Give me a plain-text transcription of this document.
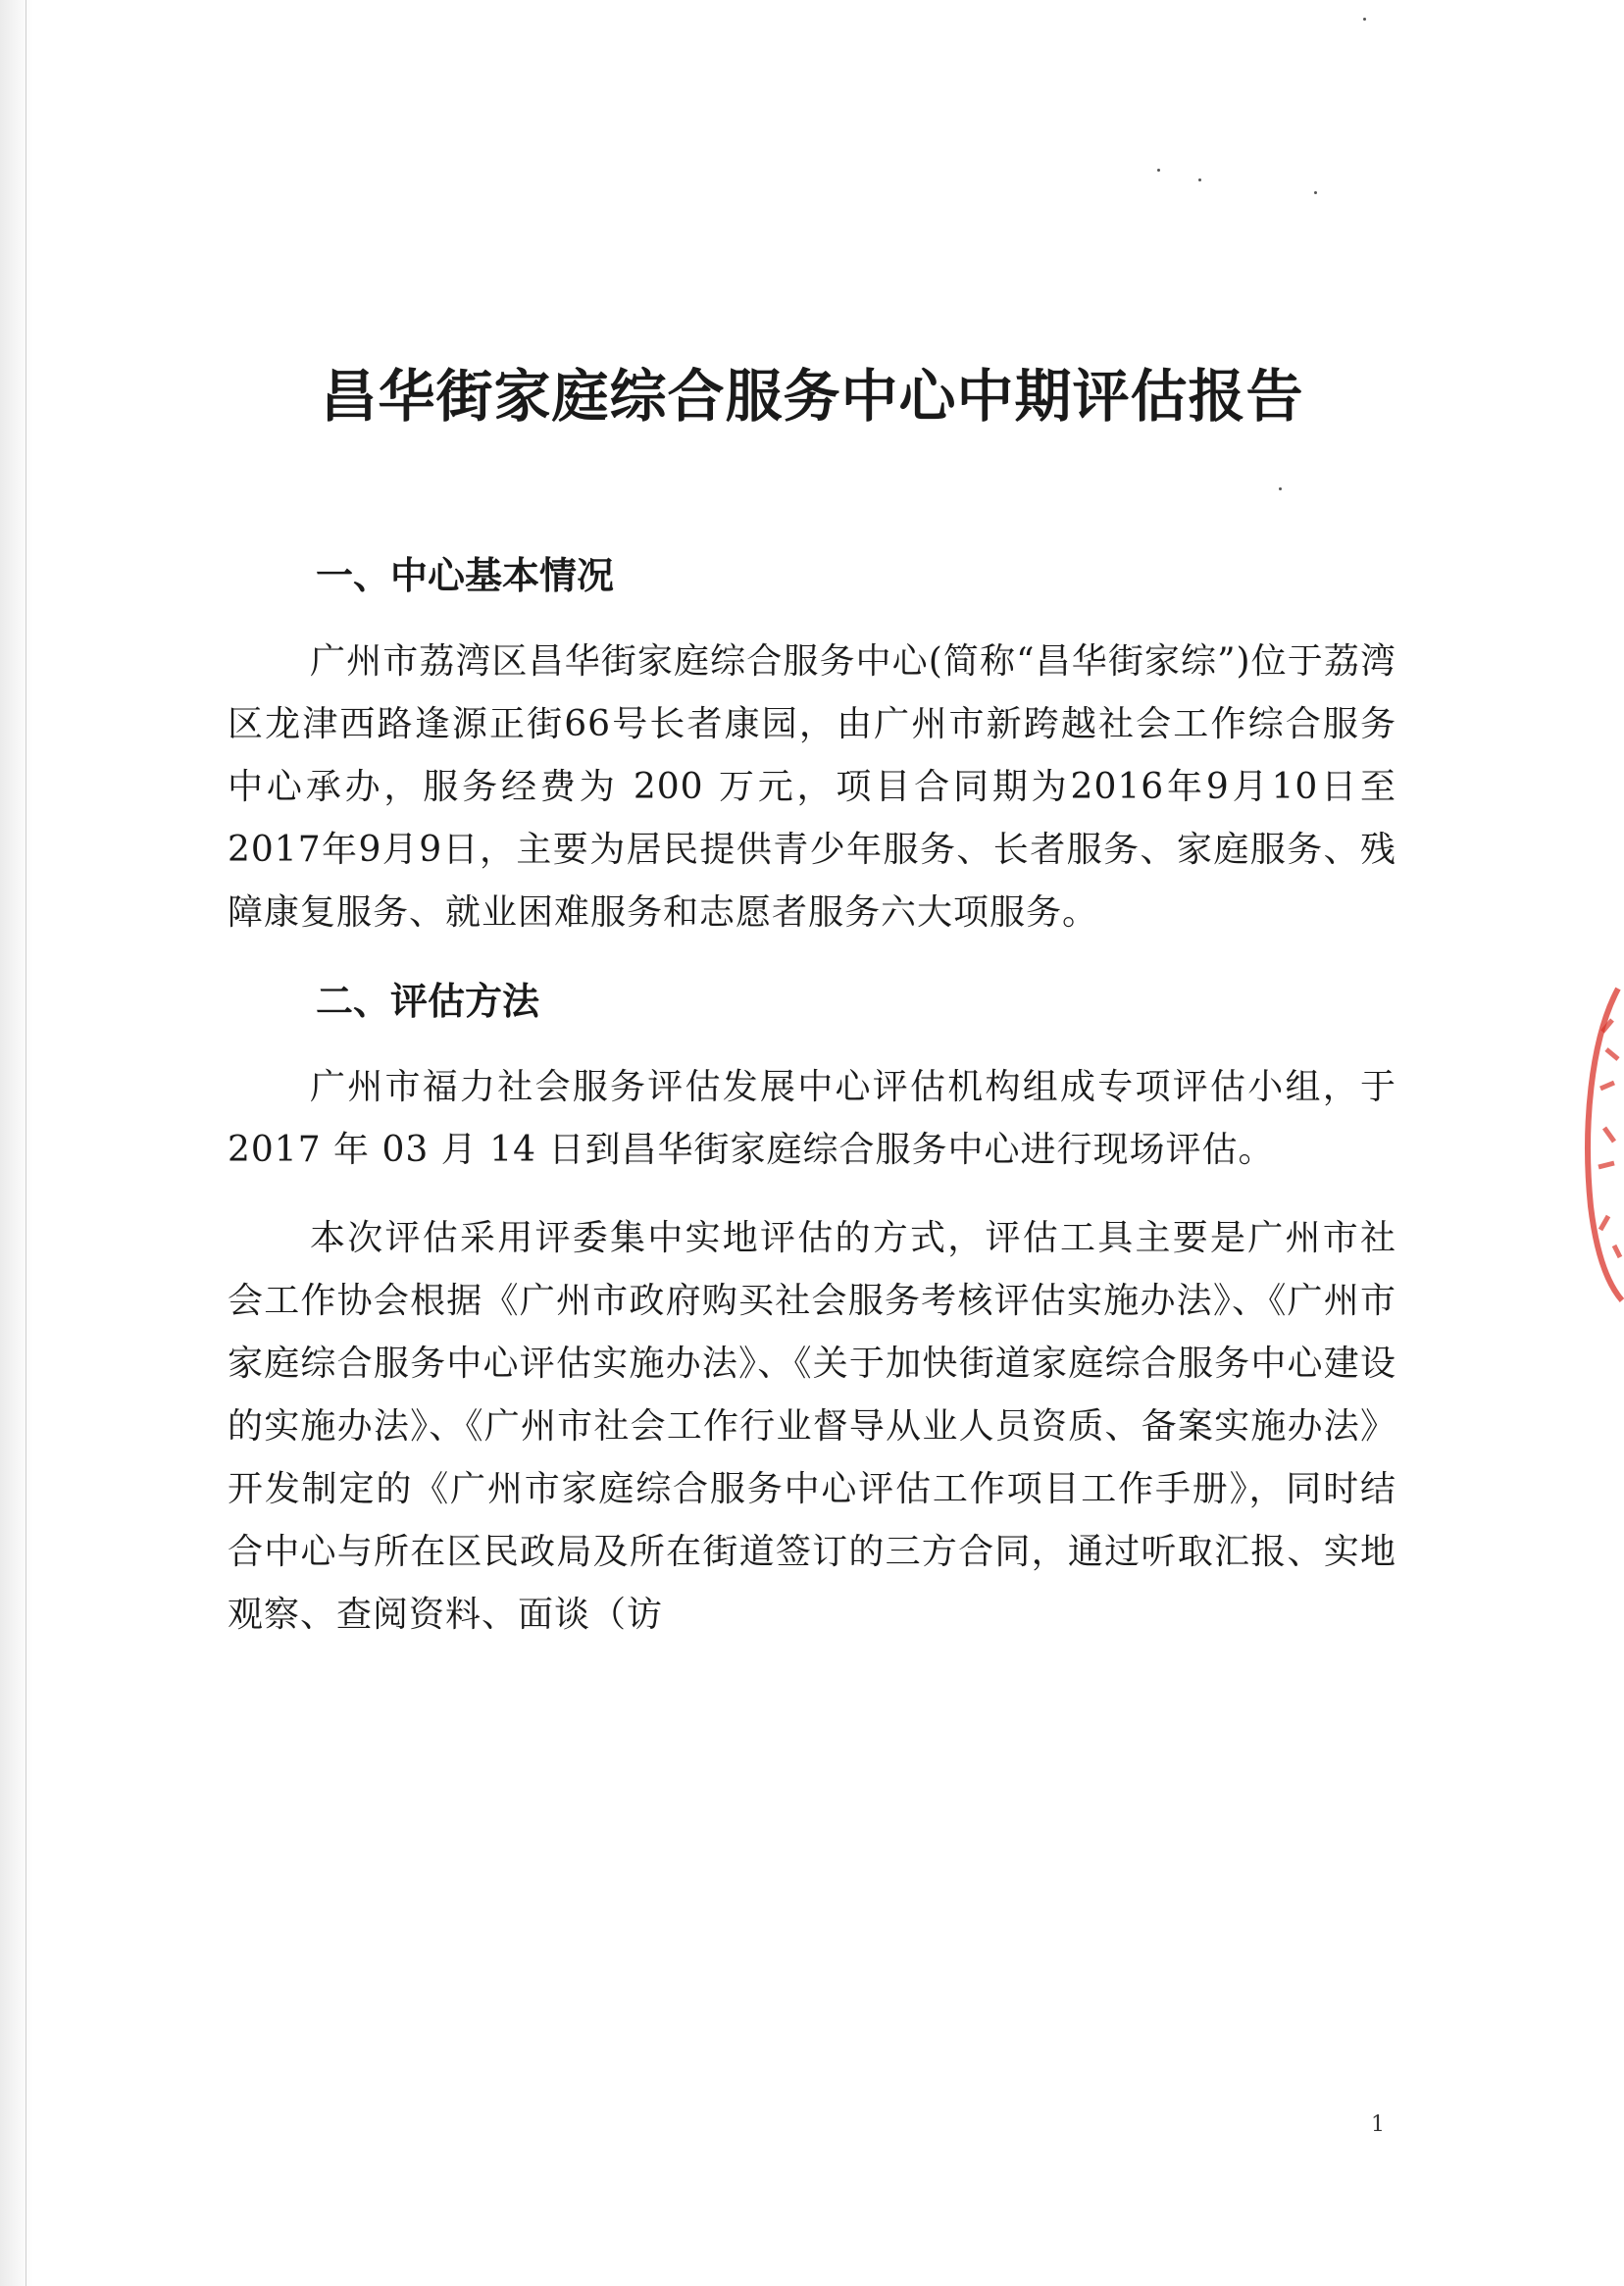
昌华街家庭综合服务中心中期评估报告
一、中心基本情况

广州市荔湾区昌华街家庭综合服务中心(简称“昌华街家综”)位于荔湾区龙津西路逢源正街66号长者康园，由广州市新跨越社会工作综合服务中心承办，服务经费为 200 万元，项目合同期为2016年9月10日至2017年9月9日，主要为居民提供青少年服务、长者服务、家庭服务、残障康复服务、就业困难服务和志愿者服务六大项服务。

二、评估方法

广州市福力社会服务评估发展中心评估机构组成专项评估小组，于 2017 年 03 月 14 日到昌华街家庭综合服务中心进行现场评估。

本次评估采用评委集中实地评估的方式，评估工具主要是广州市社会工作协会根据《广州市政府购买社会服务考核评估实施办法》、《广州市家庭综合服务中心评估实施办法》、《关于加快街道家庭综合服务中心建设的实施办法》、《广州市社会工作行业督导从业人员资质、备案实施办法》开发制定的《广州市家庭综合服务中心评估工作项目工作手册》，同时结合中心与所在区民政局及所在街道签订的三方合同，通过听取汇报、实地观察、查阅资料、面谈（访

1
